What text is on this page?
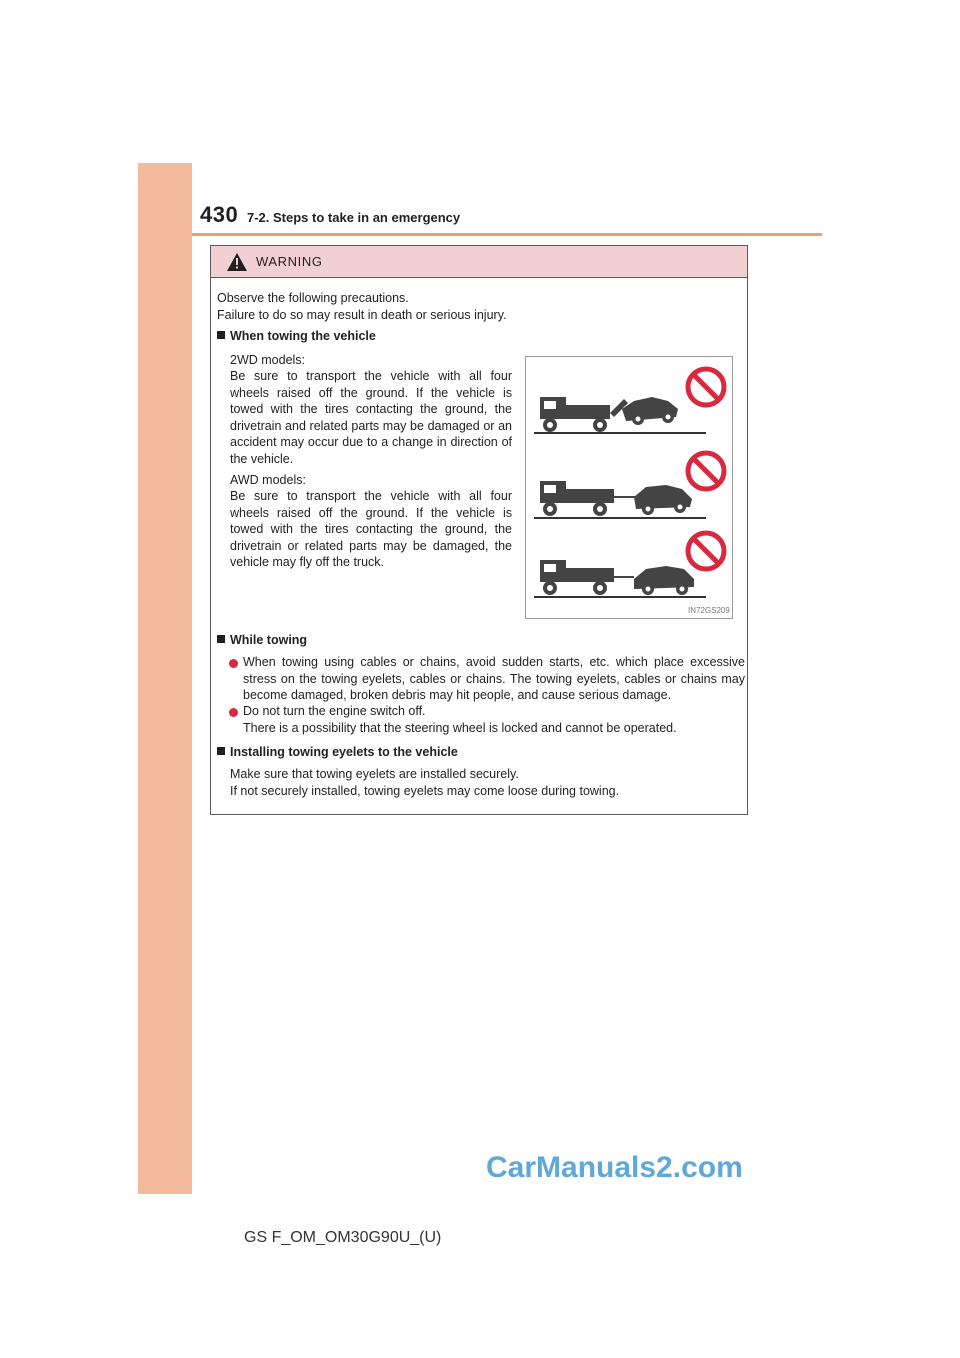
430 7-2. Steps to take in an emergency
WARNING
Observe the following precautions.
Failure to do so may result in death or serious injury.
When towing the vehicle
2WD models:
Be sure to transport the vehicle with all four wheels raised off the ground. If the vehicle is towed with the tires contacting the ground, the drivetrain and related parts may be damaged or an accident may occur due to a change in direction of the vehicle.
AWD models:
Be sure to transport the vehicle with all four wheels raised off the ground. If the vehicle is towed with the tires contacting the ground, the drivetrain or related parts may be damaged, the vehicle may fly off the truck.
IN72GS209
While towing
When towing using cables or chains, avoid sudden starts, etc. which place excessive stress on the towing eyelets, cables or chains. The towing eyelets, cables or chains may become damaged, broken debris may hit people, and cause serious damage.
Do not turn the engine switch off.
There is a possibility that the steering wheel is locked and cannot be operated.
Installing towing eyelets to the vehicle
Make sure that towing eyelets are installed securely.
If not securely installed, towing eyelets may come loose during towing.
CarManuals2.com
GS F_OM_OM30G90U_(U)
